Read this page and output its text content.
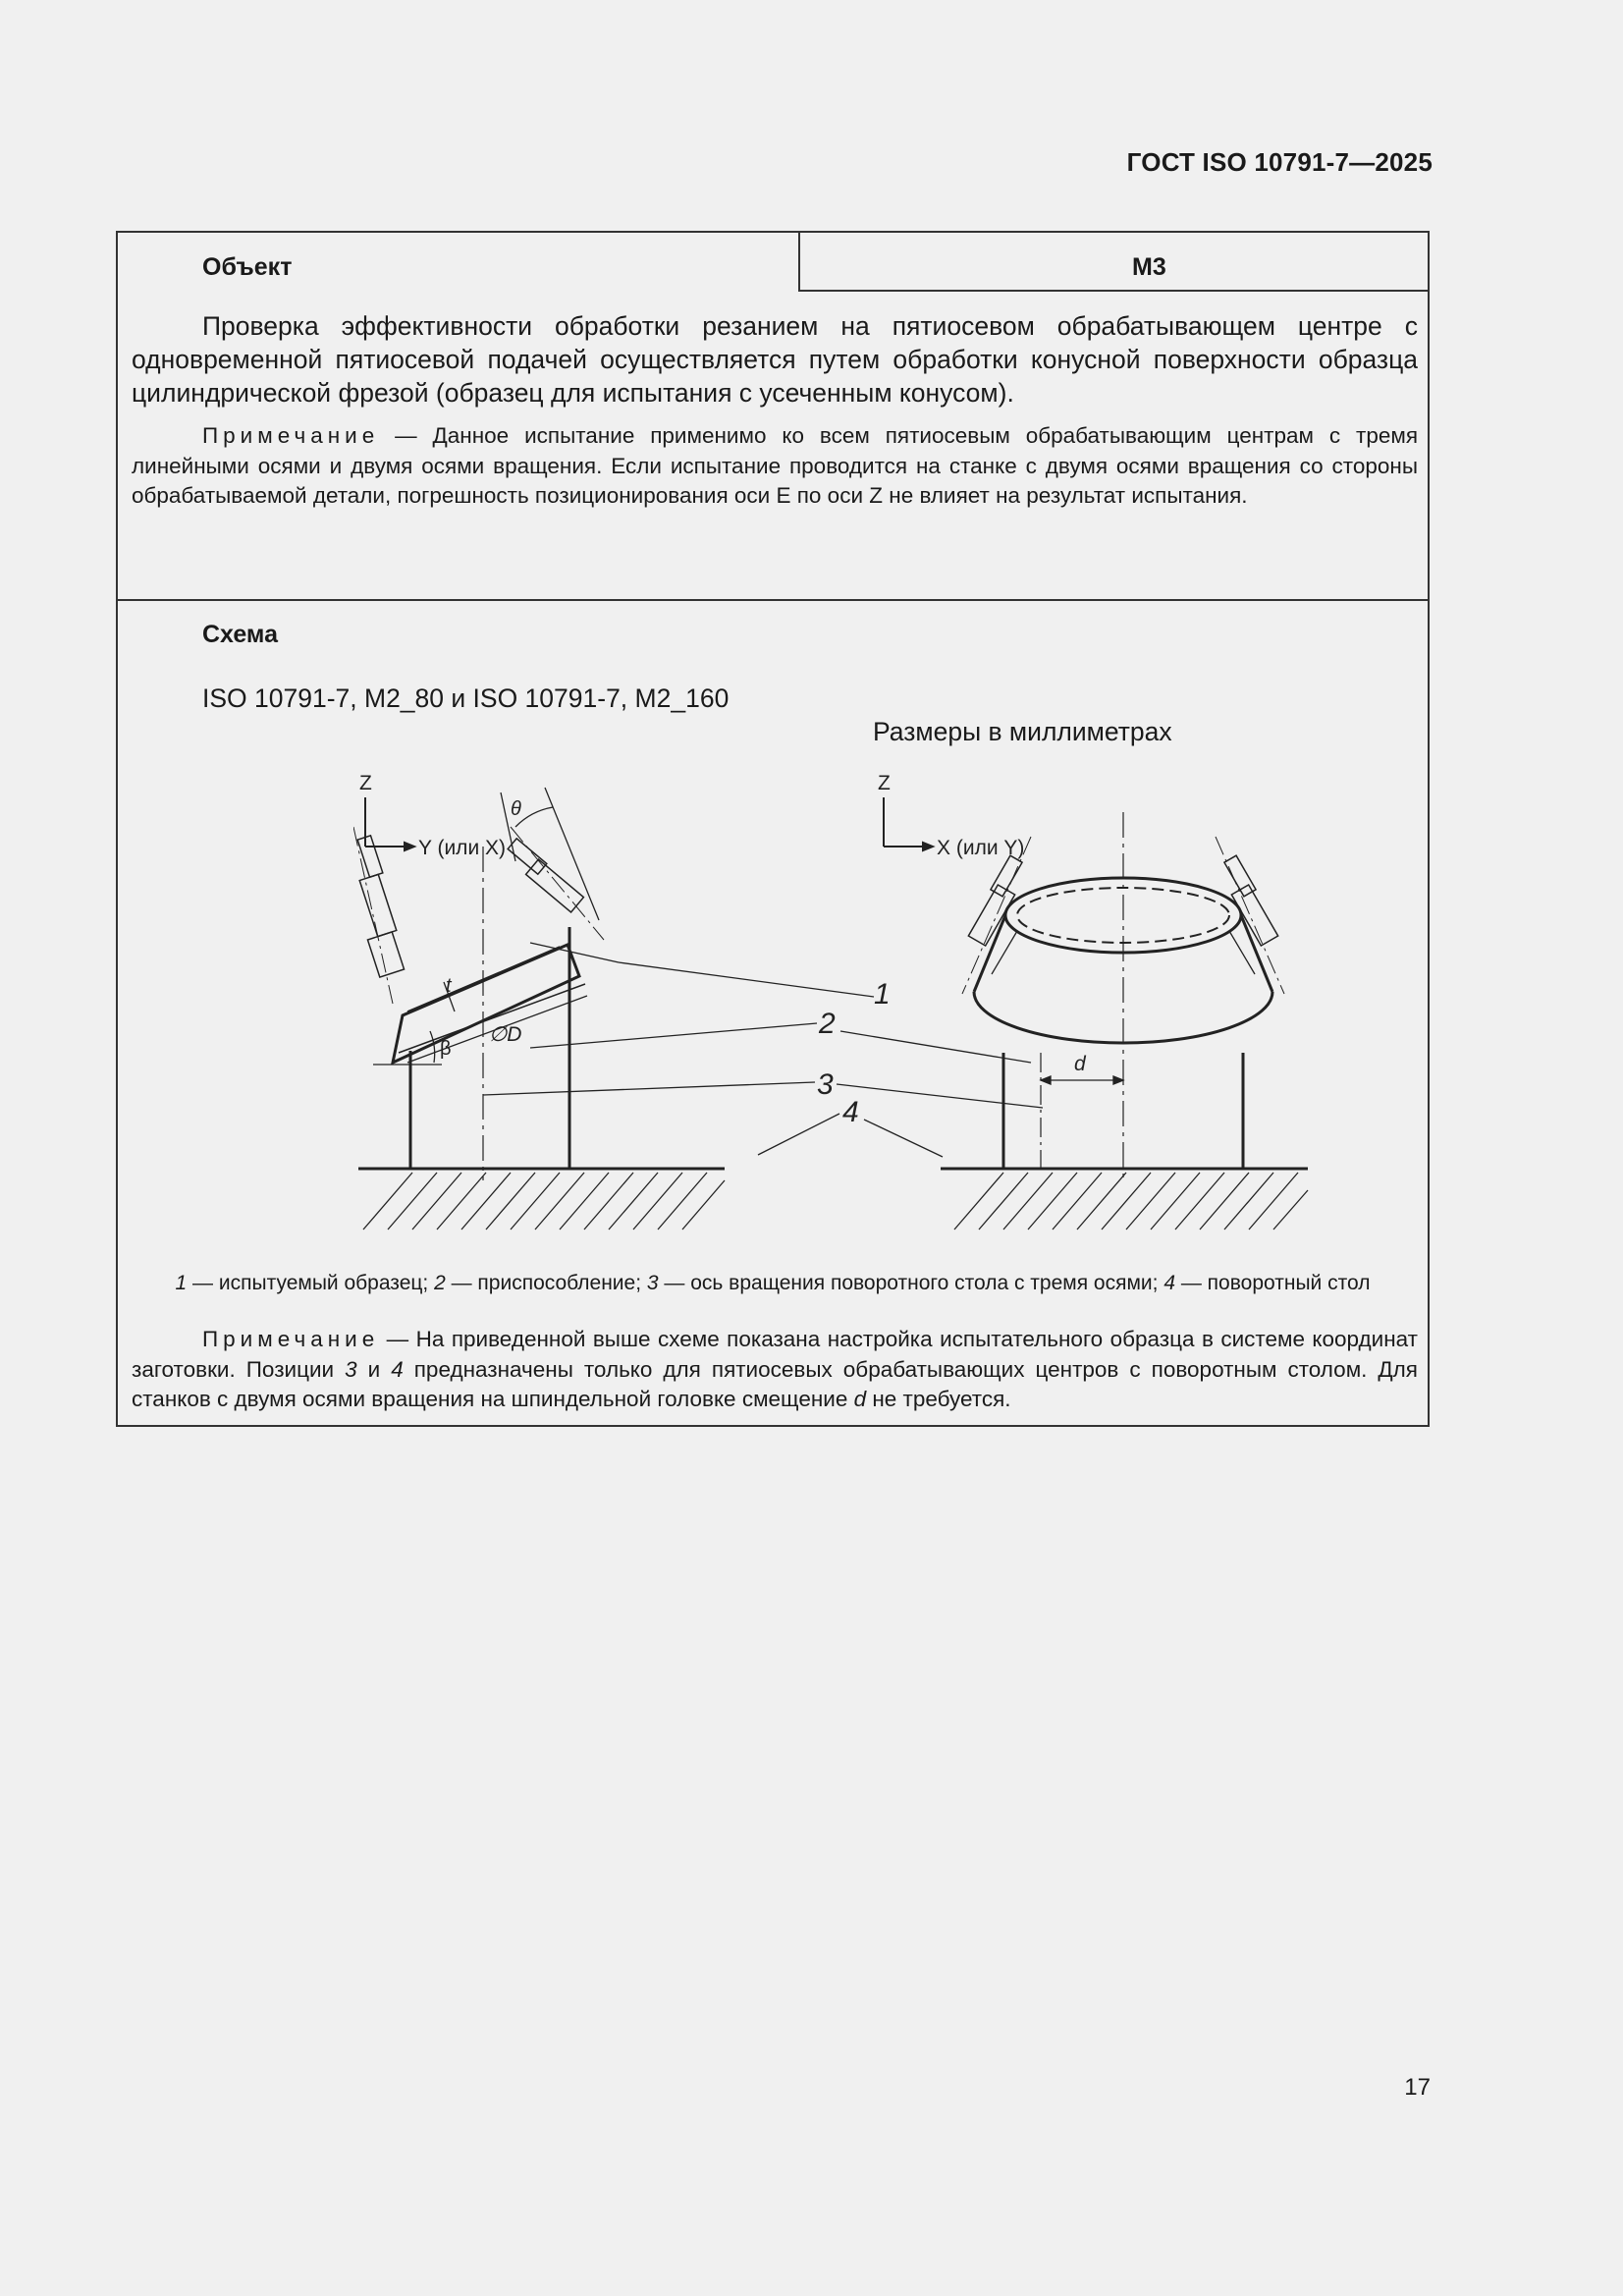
ГОСТ ISO 10791-7—2025
Объект	М3
Проверка эффективности обработки резанием на пятиосевом обрабатывающем центре с одновременной пятиосевой подачей осуществляется путем обработки конусной поверхности образца цилиндрической фрезой (образец для испытания с усеченным конусом).
Примечание — Данное испытание применимо ко всем пятиосевым обрабатывающим центрам с тремя линейными осями и двумя осями вращения. Если испытание проводится на станке с двумя осями вращения со стороны обрабатываемой детали, погрешность позиционирования оси E по оси Z не влияет на результат испытания.
Схема
ISO 10791-7, M2_80 и ISO 10791-7, M2_160
Размеры в миллиметрах
Z
Y (или X)
t
∅D
β
θ
1
2
3
4
Z
X (или Y)
d
1 — испытуемый образец; 2 — приспособление; 3 — ось вращения поворотного стола с тремя осями; 4 — поворотный стол
Примечание — На приведенной выше схеме показана настройка испытательного образца в системе координат заготовки. Позиции 3 и 4 предназначены только для пятиосевых обрабатывающих центров с поворотным столом. Для станков с двумя осями вращения на шпиндельной головке смещение d не требуется.
17
